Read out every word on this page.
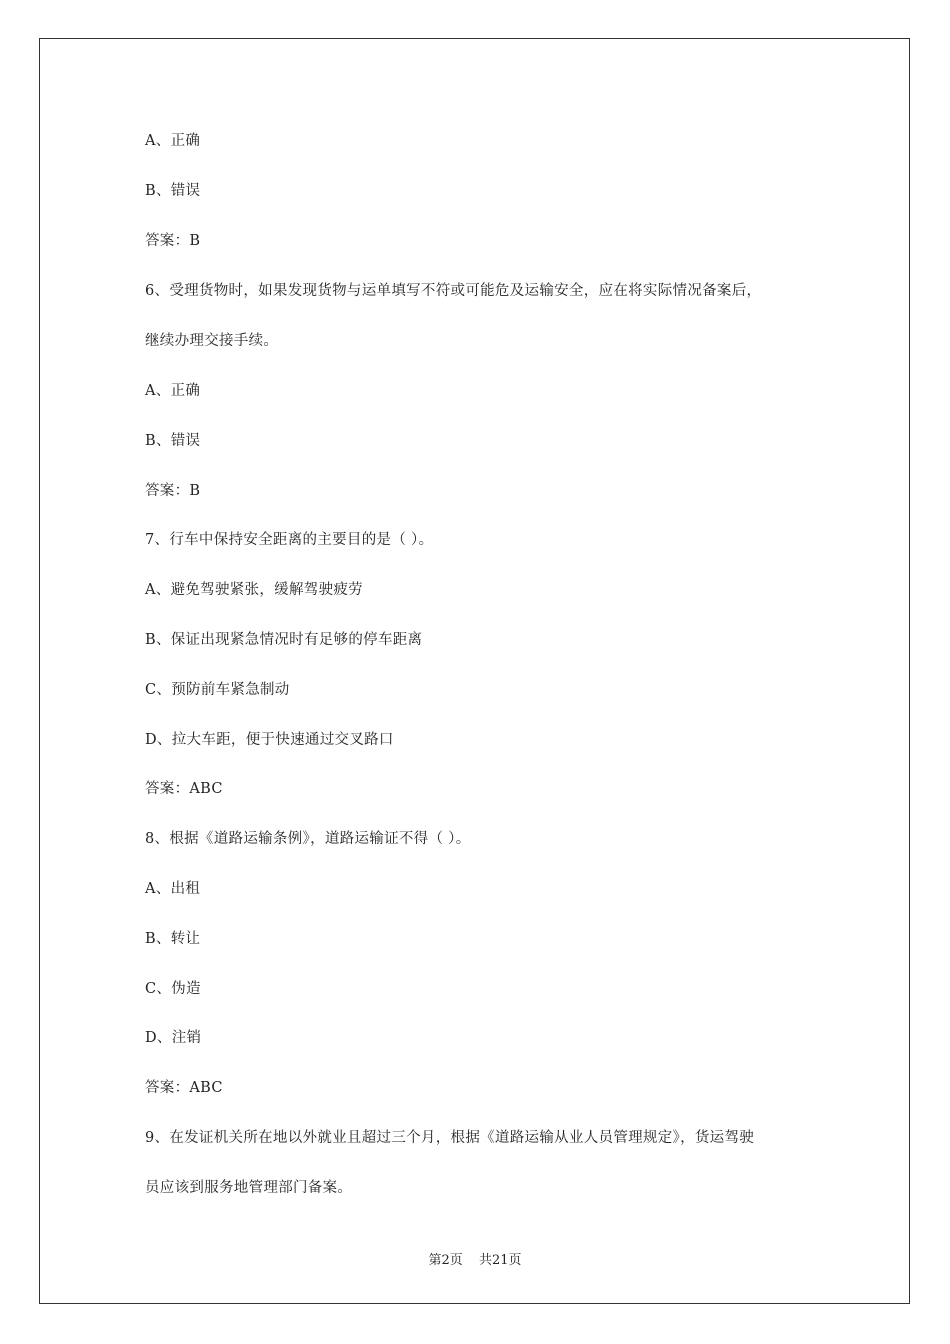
A、正确
B、错误
答案：B
6、受理货物时，如果发现货物与运单填写不符或可能危及运输安全，应在将实际情况备案后，
继续办理交接手续。
A、正确
B、错误
答案：B
7、行车中保持安全距离的主要目的是（ ）。
A、避免驾驶紧张，缓解驾驶疲劳
B、保证出现紧急情况时有足够的停车距离
C、预防前车紧急制动
D、拉大车距，便于快速通过交叉路口
答案：ABC
8、根据《道路运输条例》，道路运输证不得（ ）。
A、出租
B、转让
C、伪造
D、注销
答案：ABC
9、在发证机关所在地以外就业且超过三个月，根据《道路运输从业人员管理规定》，货运驾驶
员应该到服务地管理部门备案。
第2页 共21页
